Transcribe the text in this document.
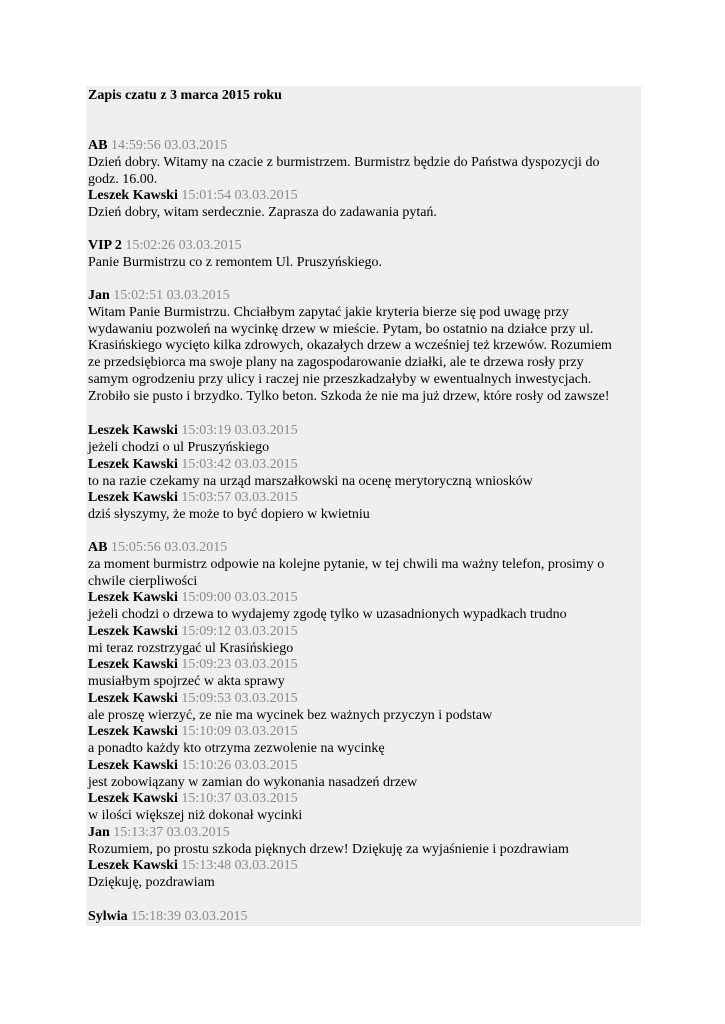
Zapis czatu z 3 marca 2015 roku
AB 14:59:56 03.03.2015
Dzień dobry. Witamy na czacie z burmistrzem. Burmistrz będzie do Państwa dyspozycji do
godz. 16.00.
Leszek Kawski 15:01:54 03.03.2015
Dzień dobry, witam serdecznie. Zapraszа do zadawania pytań.
VIP 2 15:02:26 03.03.2015
Panie Burmistrzu co z remontem Ul. Pruszyńskiego.
Jan 15:02:51 03.03.2015
Witam Panie Burmistrzu. Chciałbym zapytać jakie kryteria bierze się pod uwagę przy
wydawaniu pozwoleń na wycinkę drzew w mieście. Pytam, bo ostatnio na działce przy ul.
Krasińskiego wycięto kilka zdrowych, okazałych drzew a wcześniej też krzewów. Rozumiem
ze przedsiębiorca ma swoje plany na zagospodarowanie działki, ale te drzewa rosły przy
samym ogrodzeniu przy ulicy i raczej nie przeszkadzałyby w ewentualnych inwestycjach.
Zrobiło sie pusto i brzydko. Tylko beton. Szkoda że nie ma już drzew, które rosły od zawsze!
Leszek Kawski 15:03:19 03.03.2015
jeżeli chodzi o ul Pruszyńskiego
Leszek Kawski 15:03:42 03.03.2015
to na razie czekamy na urząd marszałkowski na ocenę merytoryczną wniosków
Leszek Kawski 15:03:57 03.03.2015
dziś słyszymy, że może to być dopiero w kwietniu
AB 15:05:56 03.03.2015
za moment burmistrz odpowie na kolejne pytanie, w tej chwili ma ważny telefon, prosimy o
chwile cierpliwości
Leszek Kawski 15:09:00 03.03.2015
jeżeli chodzi o drzewa to wydajemy zgodę tylko w uzasadnionych wypadkach trudno
Leszek Kawski 15:09:12 03.03.2015
mi teraz rozstrzygać ul Krasińskiego
Leszek Kawski 15:09:23 03.03.2015
musiałbym spojrzeć w akta sprawy
Leszek Kawski 15:09:53 03.03.2015
ale proszę wierzyć, ze nie ma wycinek bez ważnych przyczyn i podstaw
Leszek Kawski 15:10:09 03.03.2015
a ponadto każdy kto otrzyma zezwolenie na wycinkę
Leszek Kawski 15:10:26 03.03.2015
jest zobowiązany w zamian do wykonania nasadzeń drzew
Leszek Kawski 15:10:37 03.03.2015
w ilości większej niż dokonał wycinki
Jan 15:13:37 03.03.2015
Rozumiem, po prostu szkoda pięknych drzew! Dziękuję za wyjaśnienie i pozdrawiam
Leszek Kawski 15:13:48 03.03.2015
Dziękuję, pozdrawiam
Sylwia 15:18:39 03.03.2015
